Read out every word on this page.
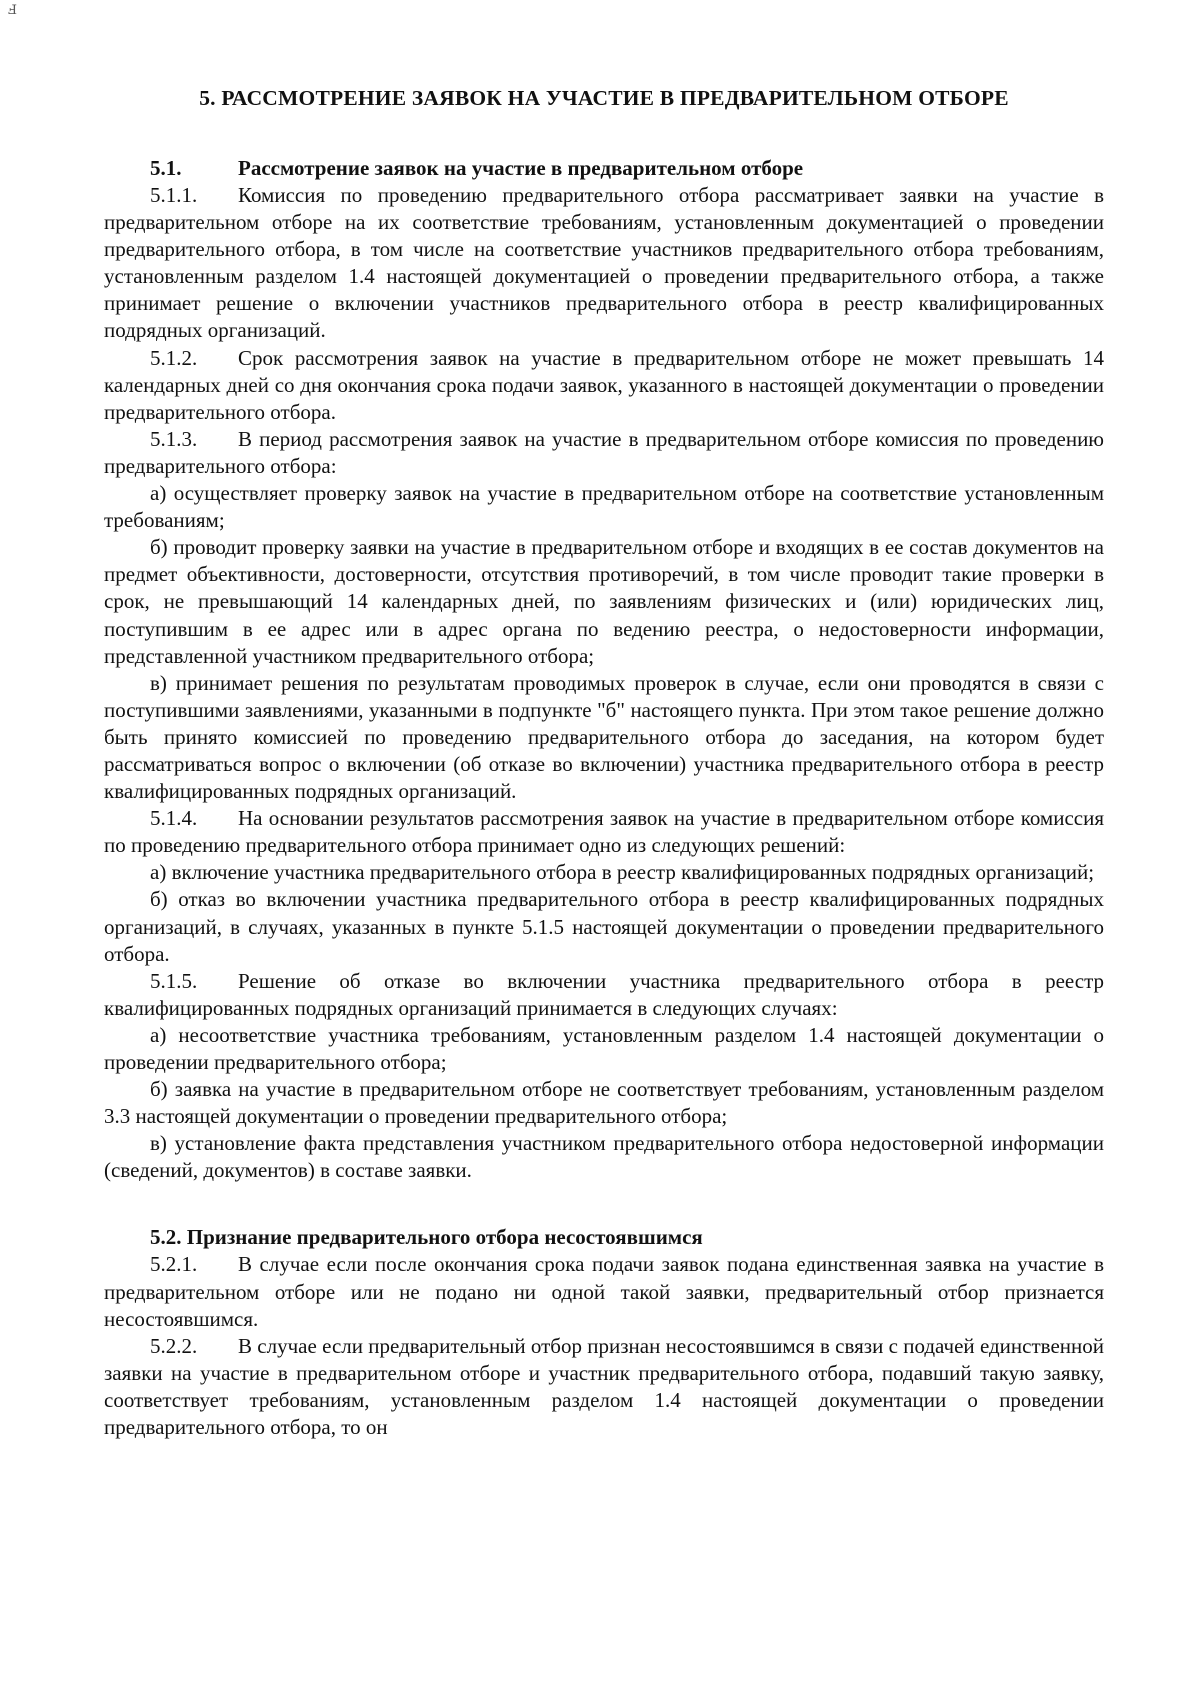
Ⅎ
5. РАССМОТРЕНИЕ ЗАЯВОК НА УЧАСТИЕ В ПРЕДВАРИТЕЛЬНОМ ОТБОРЕ
5.1.	Рассмотрение заявок на участие в предварительном отборе

5.1.1. Комиссия по проведению предварительного отбора рассматривает заявки на участие в предварительном отборе на их соответствие требованиям, установленным документацией о проведении предварительного отбора, в том числе на соответствие участников предварительного отбора требованиям, установленным разделом 1.4 настоящей документацией о проведении предварительного отбора, а также принимает решение о включении участников предварительного отбора в реестр квалифицированных подрядных организаций.

5.1.2. Срок рассмотрения заявок на участие в предварительном отборе не может превышать 14 календарных дней со дня окончания срока подачи заявок, указанного в настоящей документации о проведении предварительного отбора.

5.1.3. В период рассмотрения заявок на участие в предварительном отборе комиссия по проведению предварительного отбора:

а) осуществляет проверку заявок на участие в предварительном отборе на соответствие установленным требованиям;

б) проводит проверку заявки на участие в предварительном отборе и входящих в ее состав документов на предмет объективности, достоверности, отсутствия противоречий, в том числе проводит такие проверки в срок, не превышающий 14 календарных дней, по заявлениям физических и (или) юридических лиц, поступившим в ее адрес или в адрес органа по ведению реестра, о недостоверности информации, представленной участником предварительного отбора;

в) принимает решения по результатам проводимых проверок в случае, если они проводятся в связи с поступившими заявлениями, указанными в подпункте "б" настоящего пункта. При этом такое решение должно быть принято комиссией по проведению предварительного отбора до заседания, на котором будет рассматриваться вопрос о включении (об отказе во включении) участника предварительного отбора в реестр квалифицированных подрядных организаций.

5.1.4. На основании результатов рассмотрения заявок на участие в предварительном отборе комиссия по проведению предварительного отбора принимает одно из следующих решений:

а) включение участника предварительного отбора в реестр квалифицированных подрядных организаций;

б) отказ во включении участника предварительного отбора в реестр квалифицированных подрядных организаций, в случаях, указанных в пункте 5.1.5 настоящей документации о проведении предварительного отбора.

5.1.5. Решение об отказе во включении участника предварительного отбора в реестр квалифицированных подрядных организаций принимается в следующих случаях:

а) несоответствие участника требованиям, установленным разделом 1.4 настоящей документации о проведении предварительного отбора;

б) заявка на участие в предварительном отборе не соответствует требованиям, установленным разделом 3.3 настоящей документации о проведении предварительного отбора;

в) установление факта представления участником предварительного отбора недостоверной информации (сведений, документов) в составе заявки.

5.2. Признание предварительного отбора несостоявшимся

5.2.1. В случае если после окончания срока подачи заявок подана единственная заявка на участие в предварительном отборе или не подано ни одной такой заявки, предварительный отбор признается несостоявшимся.

5.2.2. В случае если предварительный отбор признан несостоявшимся в связи с подачей единственной заявки на участие в предварительном отборе и участник предварительного отбора, подавший такую заявку, соответствует требованиям, установленным разделом 1.4 настоящей документации о проведении предварительного отбора, то он
